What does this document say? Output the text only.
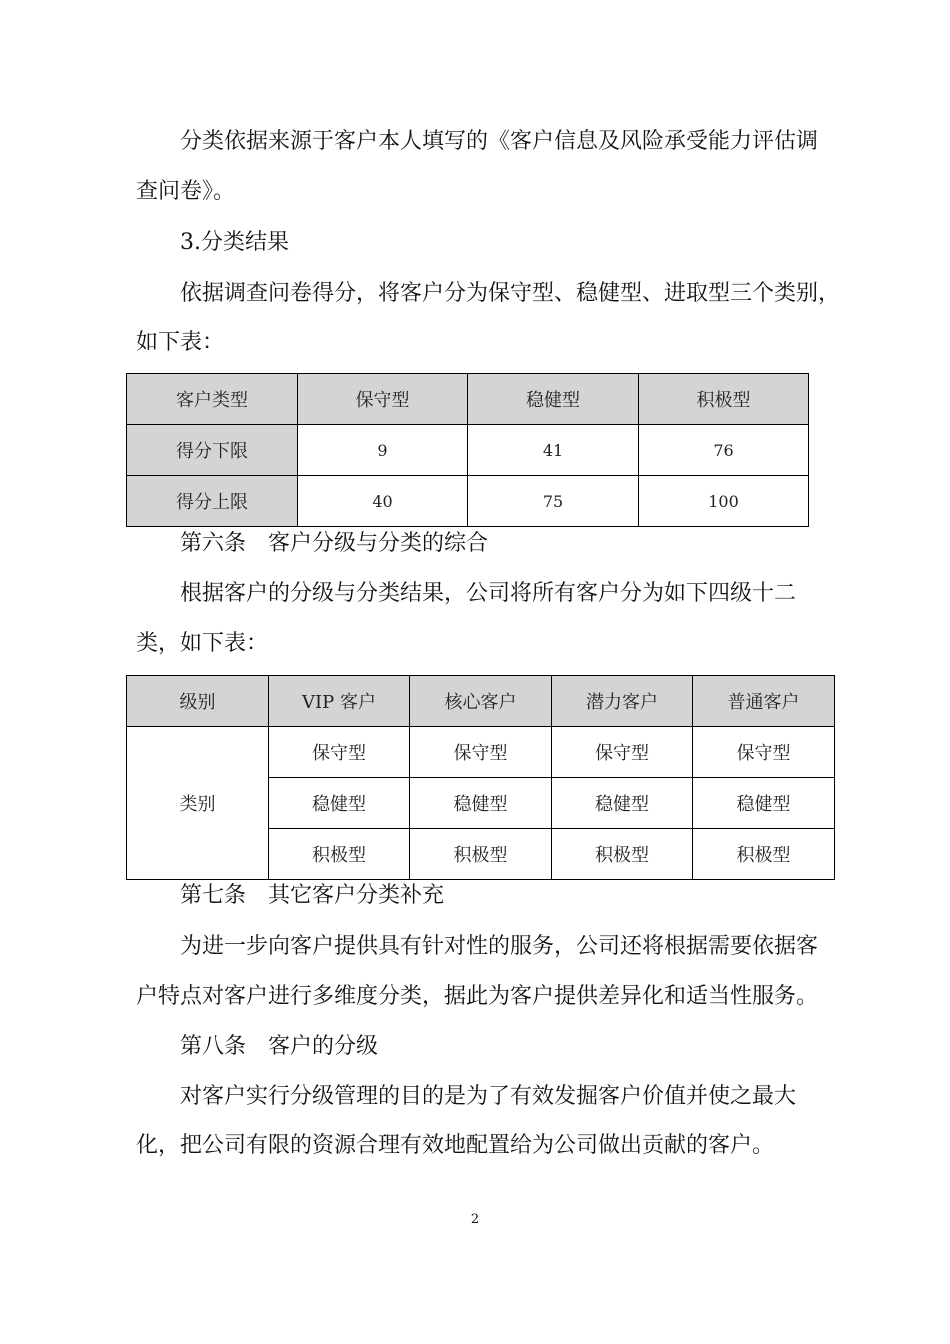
分类依据来源于客户本人填写的《客户信息及风险承受能力评估调
查问卷》。
3.分类结果
依据调查问卷得分，将客户分为保守型、稳健型、进取型三个类别，
如下表：
客户类型	保守型	稳健型	积极型
得分下限	9	41	76
得分上限	40	75	100
第六条　客户分级与分类的综合
根据客户的分级与分类结果，公司将所有客户分为如下四级十二
类，如下表：
级别	VIP 客户	核心客户	潜力客户	普通客户
类别	保守型	保守型	保守型	保守型
	稳健型	稳健型	稳健型	稳健型
	积极型	积极型	积极型	积极型
第七条　其它客户分类补充
为进一步向客户提供具有针对性的服务，公司还将根据需要依据客
户特点对客户进行多维度分类，据此为客户提供差异化和适当性服务。
第八条　客户的分级
对客户实行分级管理的目的是为了有效发掘客户价值并使之最大
化，把公司有限的资源合理有效地配置给为公司做出贡献的客户。
2
